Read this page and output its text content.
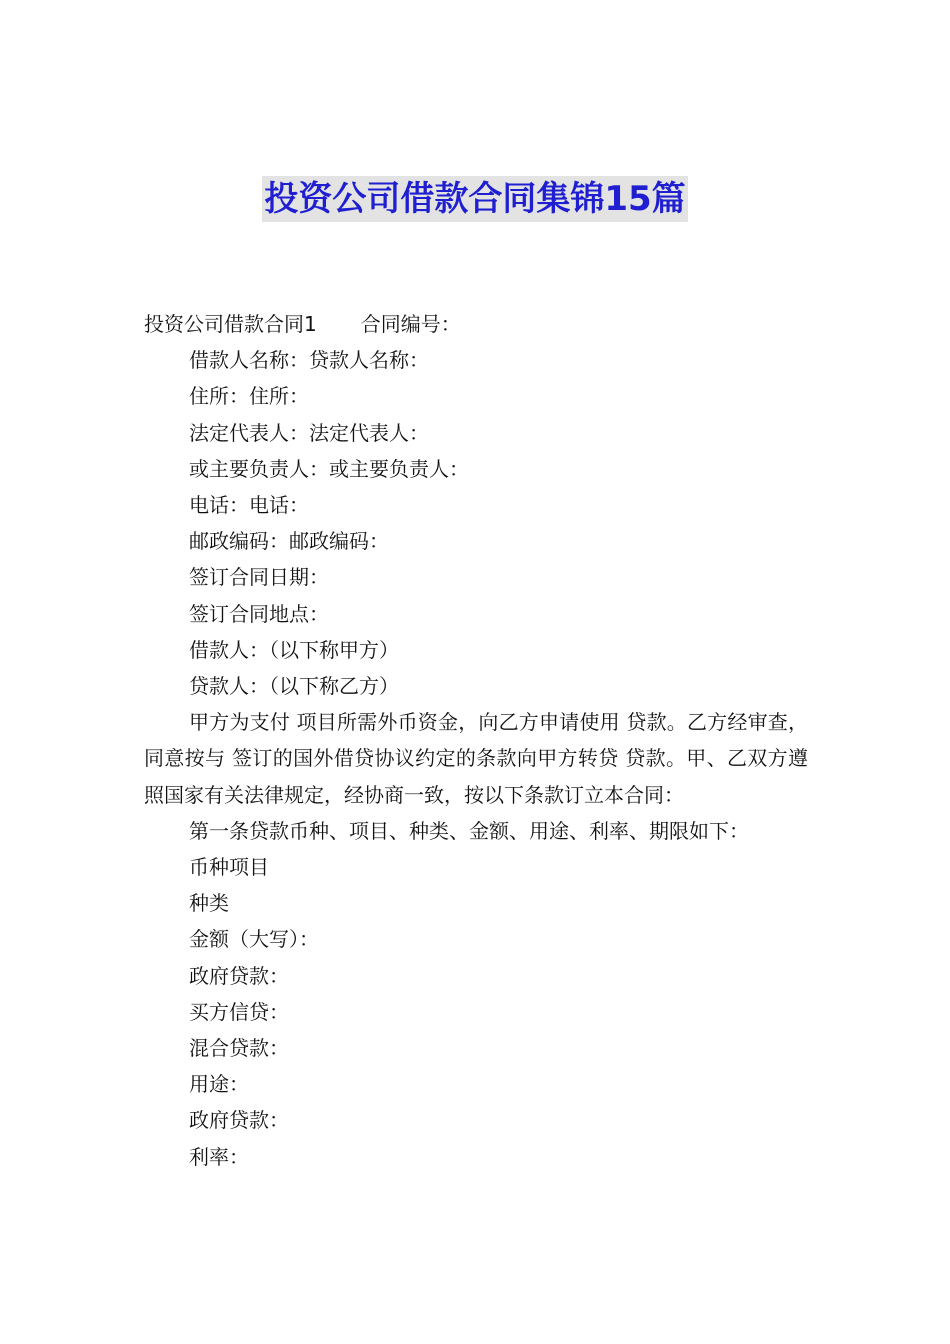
投资公司借款合同集锦15篇
投资公司借款合同1 合同编号：
借款人名称：贷款人名称：
住所：住所：
法定代表人：法定代表人：
或主要负责人：或主要负责人：
电话：电话：
邮政编码：邮政编码：
签订合同日期：
签订合同地点：
借款人：（以下称甲方）
贷款人：（以下称乙方）
甲方为支付 项目所需外币资金，向乙方申请使用 贷款。乙方经审查，同意按与 签订的国外借贷协议约定的条款向甲方转贷 贷款。甲、乙双方遵照国家有关法律规定，经协商一致，按以下条款订立本合同：
第一条贷款币种、项目、种类、金额、用途、利率、期限如下：
币种项目
种类
金额（大写）：
政府贷款：
买方信贷：
混合贷款：
用途：
政府贷款：
利率：
